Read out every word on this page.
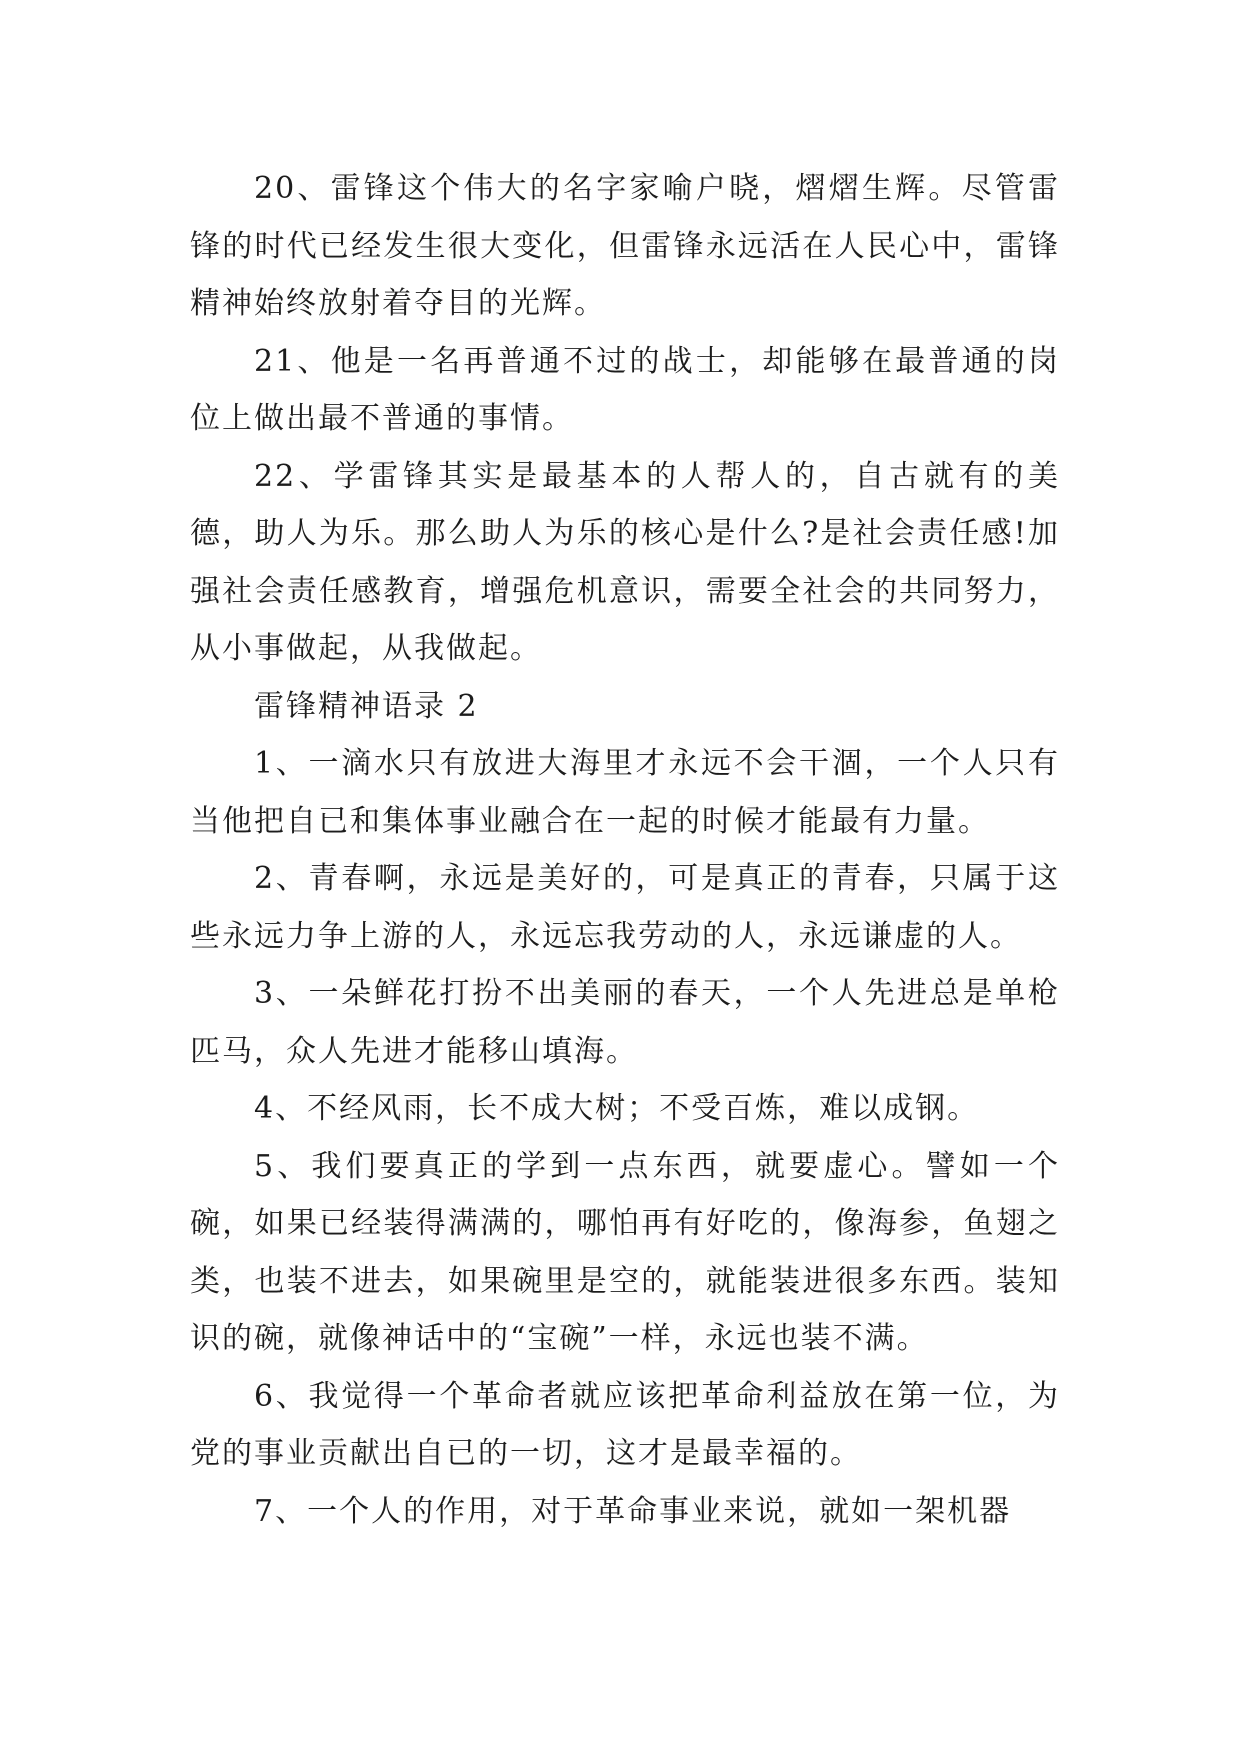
20、雷锋这个伟大的名字家喻户晓，熠熠生辉。尽管雷锋的时代已经发生很大变化，但雷锋永远活在人民心中，雷锋精神始终放射着夺目的光辉。

21、他是一名再普通不过的战士，却能够在最普通的岗位上做出最不普通的事情。

22、学雷锋其实是最基本的人帮人的，自古就有的美德，助人为乐。那么助人为乐的核心是什么?是社会责任感!加强社会责任感教育，增强危机意识，需要全社会的共同努力，从小事做起，从我做起。

雷锋精神语录 2

1、一滴水只有放进大海里才永远不会干涸，一个人只有当他把自已和集体事业融合在一起的时候才能最有力量。

2、青春啊，永远是美好的，可是真正的青春，只属于这些永远力争上游的人，永远忘我劳动的人，永远谦虚的人。

3、一朵鲜花打扮不出美丽的春天，一个人先进总是单枪匹马，众人先进才能移山填海。

4、不经风雨，长不成大树；不受百炼，难以成钢。

5、我们要真正的学到一点东西，就要虚心。譬如一个碗，如果已经装得满满的，哪怕再有好吃的，像海参，鱼翅之类，也装不进去，如果碗里是空的，就能装进很多东西。装知识的碗，就像神话中的“宝碗”一样，永远也装不满。

6、我觉得一个革命者就应该把革命利益放在第一位，为党的事业贡献出自已的一切，这才是最幸福的。

7、一个人的作用，对于革命事业来说，就如一架机器
